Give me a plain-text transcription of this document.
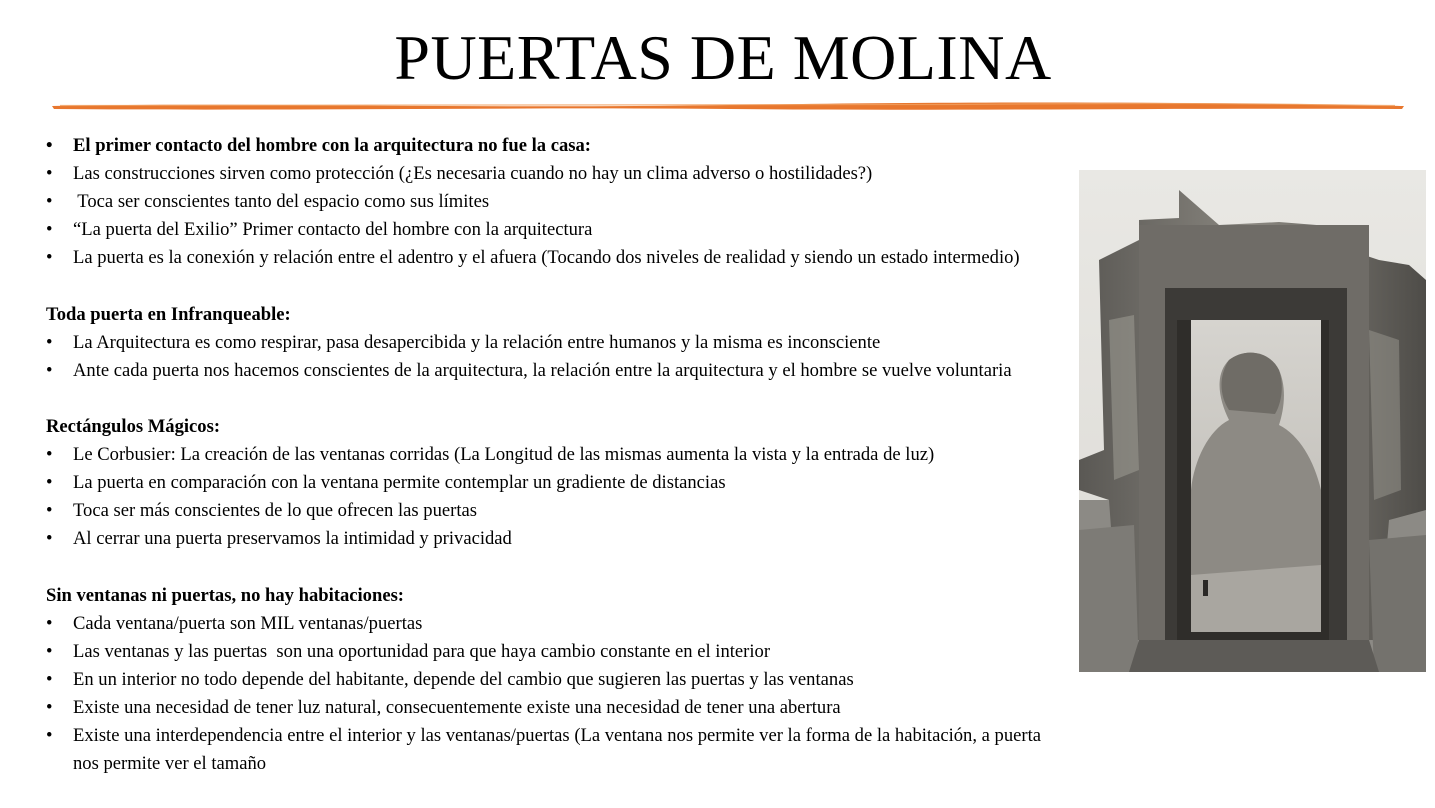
PUERTAS DE MOLINA
• El primer contacto del hombre con la arquitectura no fue la casa:
• Las construcciones sirven como protección (¿Es necesaria cuando no hay un clima adverso o hostilidades?)
• Toca ser conscientes tanto del espacio como sus límites
• “La puerta del Exilio” Primer contacto del hombre con la arquitectura
• La puerta es la conexión y relación entre el adentro y el afuera (Tocando dos niveles de realidad y siendo un estado intermedio)
Toda puerta en Infranqueable:
• La Arquitectura es como respirar, pasa desapercibida y la relación entre humanos y la misma es inconsciente
• Ante cada puerta nos hacemos conscientes de la arquitectura, la relación entre la arquitectura y el hombre se vuelve voluntaria
Rectángulos Mágicos:
• Le Corbusier: La creación de las ventanas corridas (La Longitud de las mismas aumenta la vista y la entrada de luz)
• La puerta en comparación con la ventana permite contemplar un gradiente de distancias
• Toca ser más conscientes de lo que ofrecen las puertas
• Al cerrar una puerta preservamos la intimidad y privacidad
Sin ventanas ni puertas, no hay habitaciones:
• Cada ventana/puerta son MIL ventanas/puertas
• Las ventanas y las puertas  son una oportunidad para que haya cambio constante en el interior
• En un interior no todo depende del habitante, depende del cambio que sugieren las puertas y las ventanas
• Existe una necesidad de tener luz natural, consecuentemente existe una necesidad de tener una abertura
• Existe una interdependencia entre el interior y las ventanas/puertas (La ventana nos permite ver la forma de la habitación, a puerta nos permite ver el tamaño
